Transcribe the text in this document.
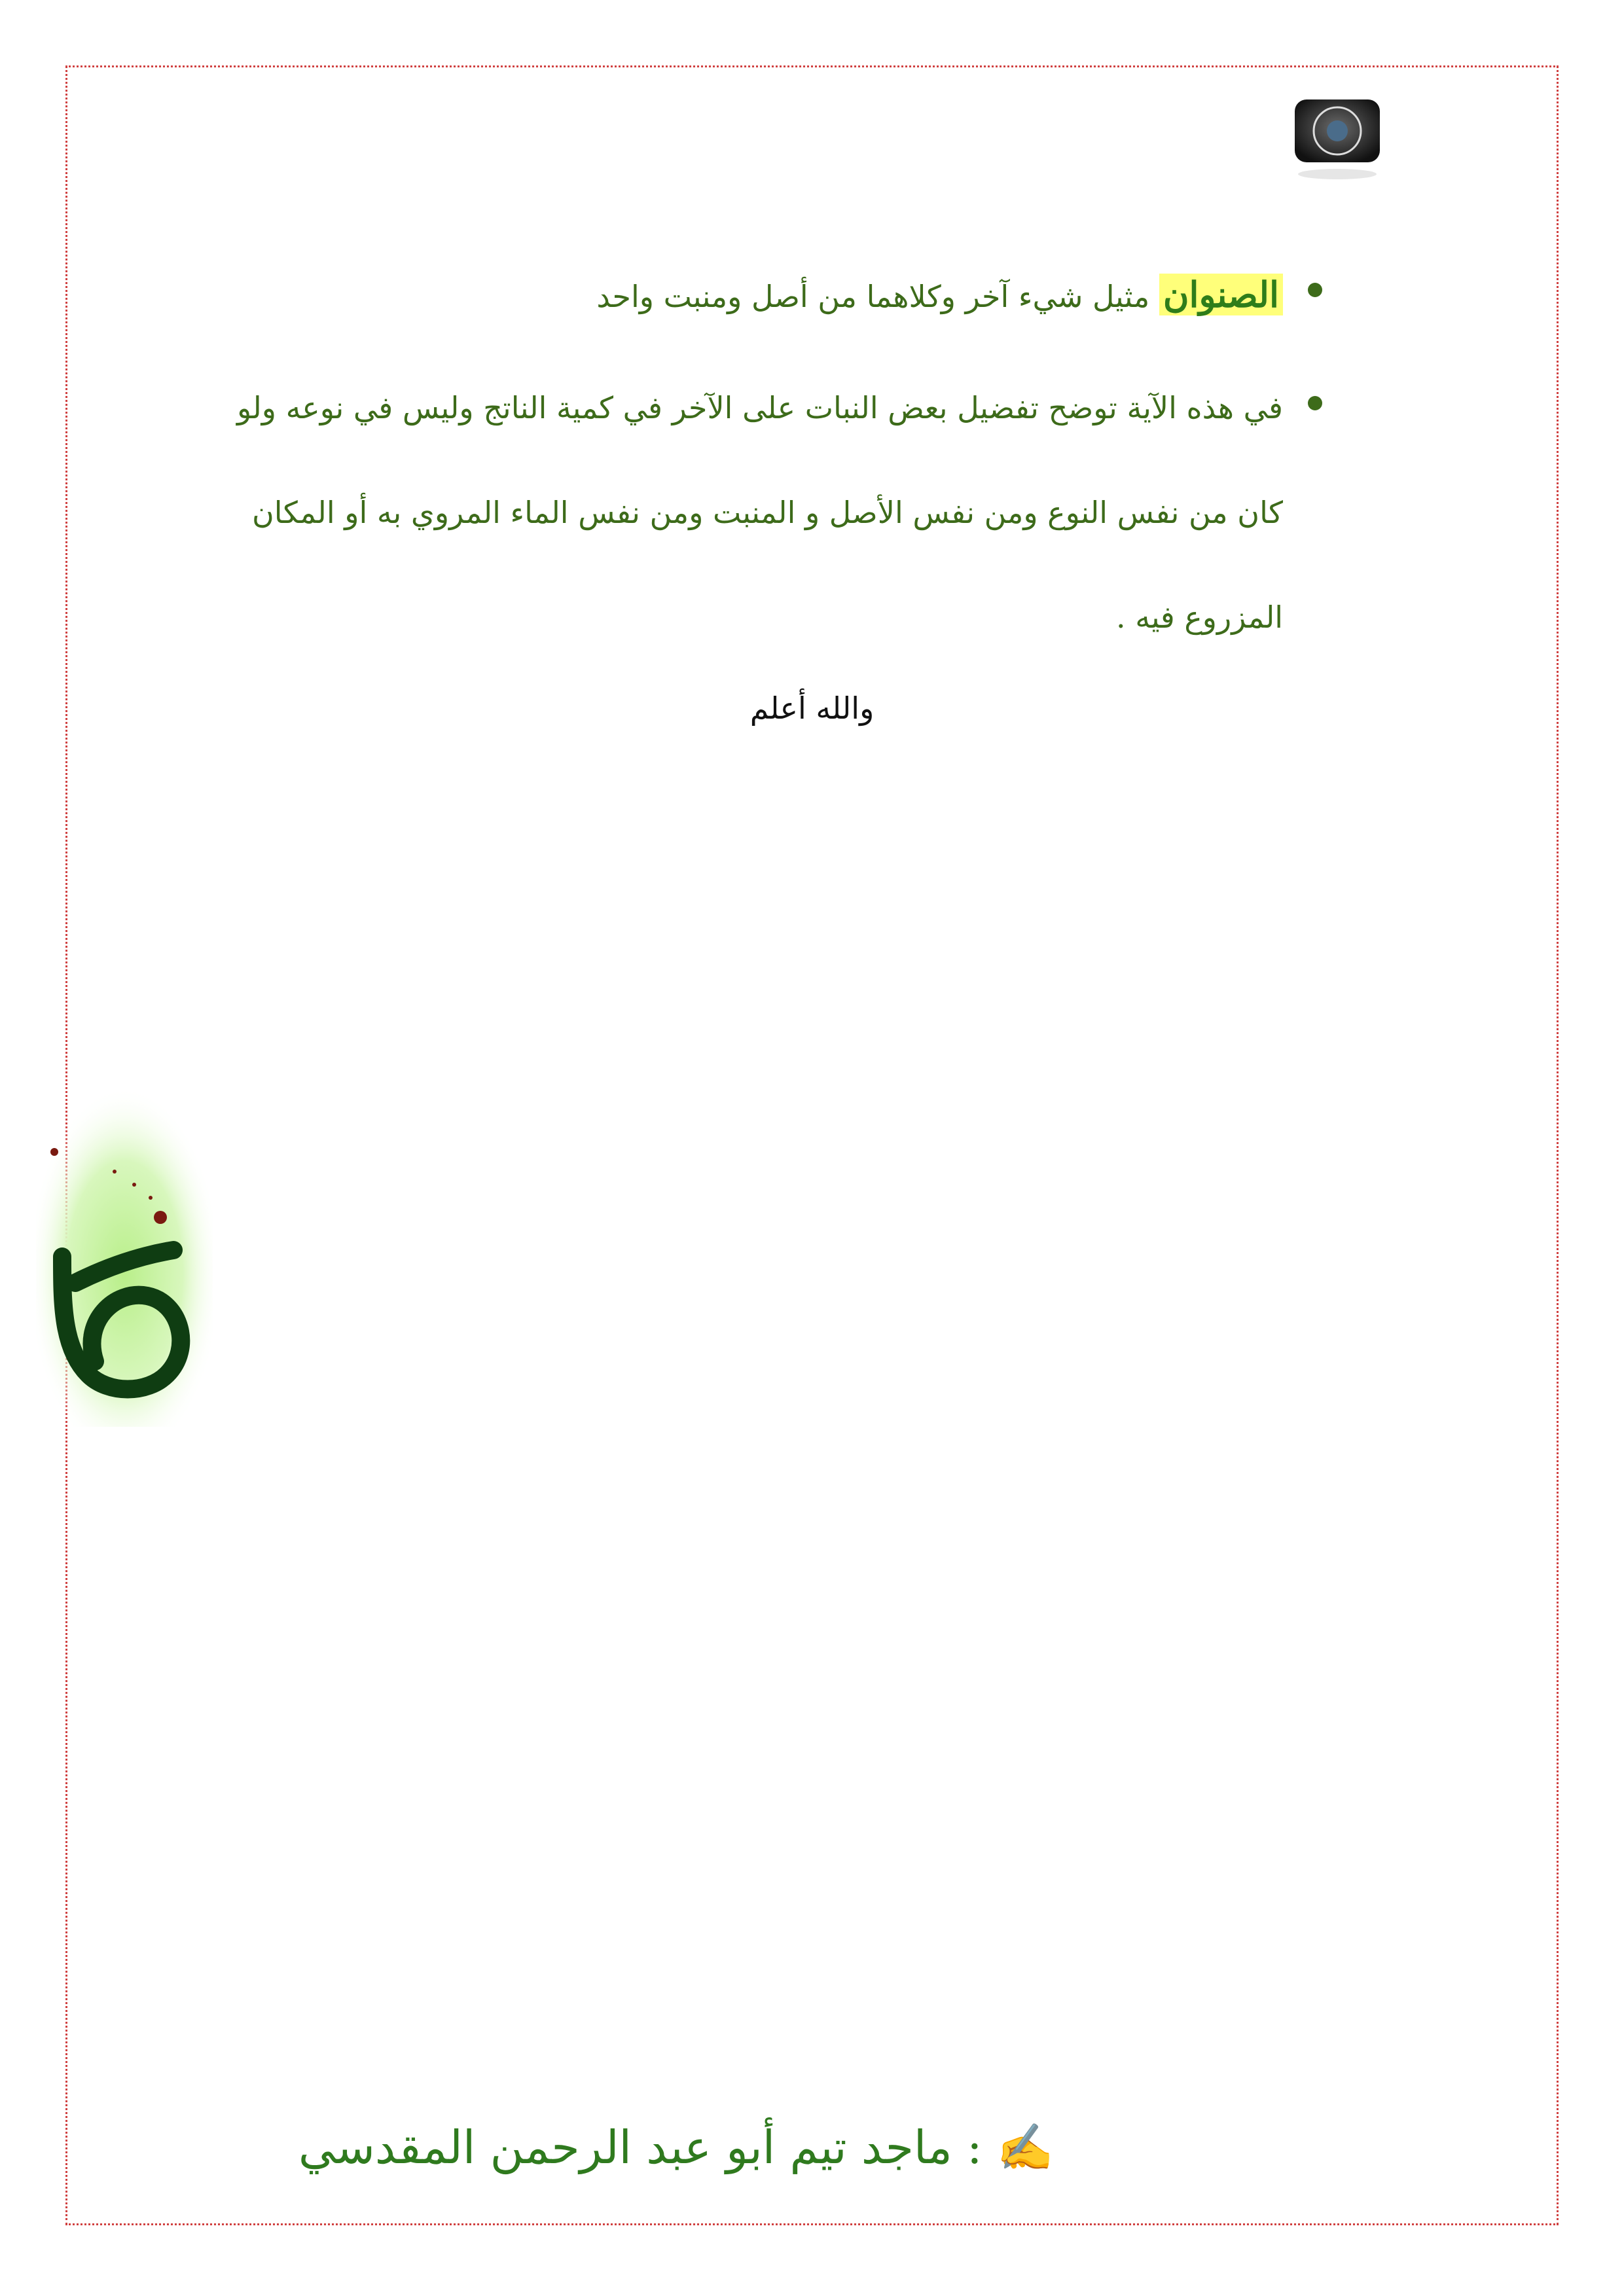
الصنوان مثيل شيء آخر وكلاهما من أصل ومنبت واحد
في هذه الآية توضح تفضيل بعض النبات على الآخر في كمية الناتج وليس في نوعه ولو كان من نفس النوع ومن نفس الأصل و المنبت ومن نفس الماء المروي به أو المكان المزروع فيه .
والله أعلم
✍ : ماجد تيم أبو عبد الرحمن المقدسي
